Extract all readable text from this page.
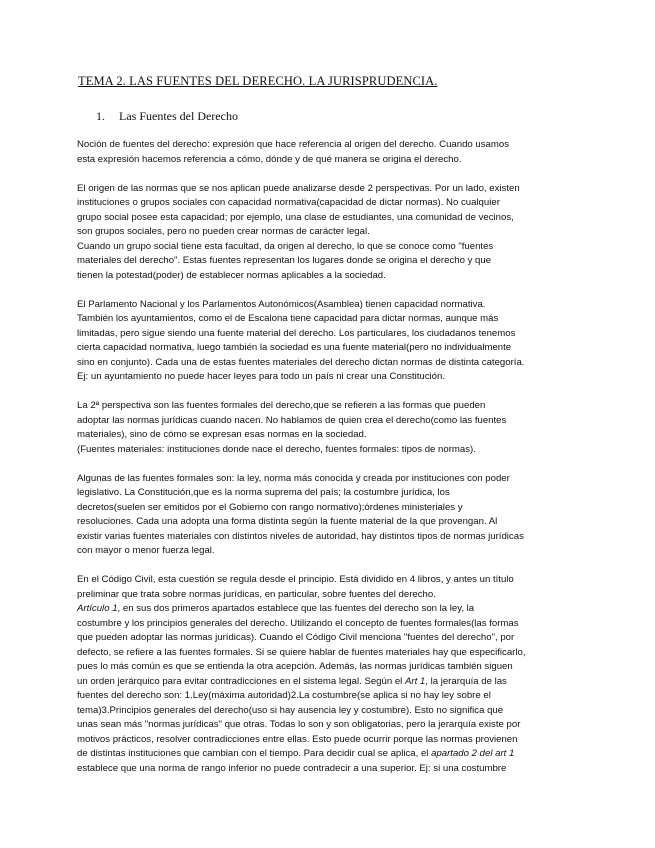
TEMA 2. LAS FUENTES DEL DERECHO. LA JURISPRUDENCIA.
1. Las Fuentes del Derecho

Noción de fuentes del derecho: expresión que hace referencia al origen del derecho. Cuando usamos
esta expresión hacemos referencia a cómo, dónde y de qué manera se origina el derecho.

El origen de las normas que se nos aplican puede analizarse desde 2 perspectivas. Por un lado, existen
instituciones o grupos sociales con capacidad normativa(capacidad de dictar normas). No cualquier
grupo social posee esta capacidad; por ejemplo, una clase de estudiantes, una comunidad de vecinos,
son grupos sociales, pero no pueden crear normas de carácter legal.
Cuando un grupo social tiene esta facultad, da origen al derecho, lo que se conoce como "fuentes
materiales del derecho". Estas fuentes representan los lugares donde se origina el derecho y que
tienen la potestad(poder) de establecer normas aplicables a la sociedad.

El Parlamento Nacional y los Parlamentos Autonómicos(Asamblea) tienen capacidad normativa.
También los ayuntamientos, como el de Escalona tiene capacidad para dictar normas, aunque más
limitadas, pero sigue siendo una fuente material del derecho. Los particulares, los ciudadanos tenemos
cierta capacidad normativa, luego también la sociedad es una fuente material(pero no individualmente
sino en conjunto). Cada una de estas fuentes materiales del derecho dictan normas de distinta categoría.
Ej: un ayuntamiento no puede hacer leyes para todo un país ni crear una Constitución.

La 2ª perspectiva son las fuentes formales del derecho,que se refieren a las formas que pueden
adoptar las normas jurídicas cuando nacen. No hablamos de quien crea el derecho(como las fuentes
materiales), sino de cómo se expresan esas normas en la sociedad.
(Fuentes materiales: instituciones donde nace el derecho, fuentes formales: tipos de normas).

Algunas de las fuentes formales son: la ley, norma más conocida y creada por instituciones con poder
legislativo. La Constitución,que es la norma suprema del país; la costumbre jurídica, los
decretos(suelen ser emitidos por el Gobierno con rango normativo);órdenes ministeriales y
resoluciones. Cada una adopta una forma distinta según la fuente material de la que provengan. Al
existir varias fuentes materiales con distintos niveles de autoridad, hay distintos tipos de normas jurídicas
con mayor o menor fuerza legal.

En el Código Civil, esta cuestión se regula desde el principio. Está dividido en 4 libros, y antes un título
preliminar que trata sobre normas jurídicas, en particular, sobre fuentes del derecho.
Artículo 1, en sus dos primeros apartados establece que las fuentes del derecho son la ley, la
costumbre y los principios generales del derecho. Utilizando el concepto de fuentes formales(las formas
que pueden adoptar las normas jurídicas). Cuando el Código Civil menciona "fuentes del derecho", por
defecto, se refiere a las fuentes formales. Si se quiere hablar de fuentes materiales hay que especificarlo,
pues lo más común es que se entienda la otra acepción. Además, las normas jurídicas también siguen
un orden jerárquico para evitar contradicciones en el sistema legal. Según el Art 1, la jerarquía de las
fuentes del derecho son: 1.Ley(máxima autoridad)2.La costumbre(se aplica si no hay ley sobre el
tema)3.Principios generales del derecho(uso si hay ausencia ley y costumbre). Esto no significa que
unas sean más "normas jurídicas" que otras. Todas lo son y son obligatorias, pero la jerarquía existe por
motivos prácticos, resolver contradicciones entre ellas. Esto puede ocurrir porque las normas provienen
de distintas instituciones que cambian con el tiempo. Para decidir cual se aplica, el apartado 2 del art 1
establece que una norma de rango inferior no puede contradecir a una superior. Ej: si una costumbre
